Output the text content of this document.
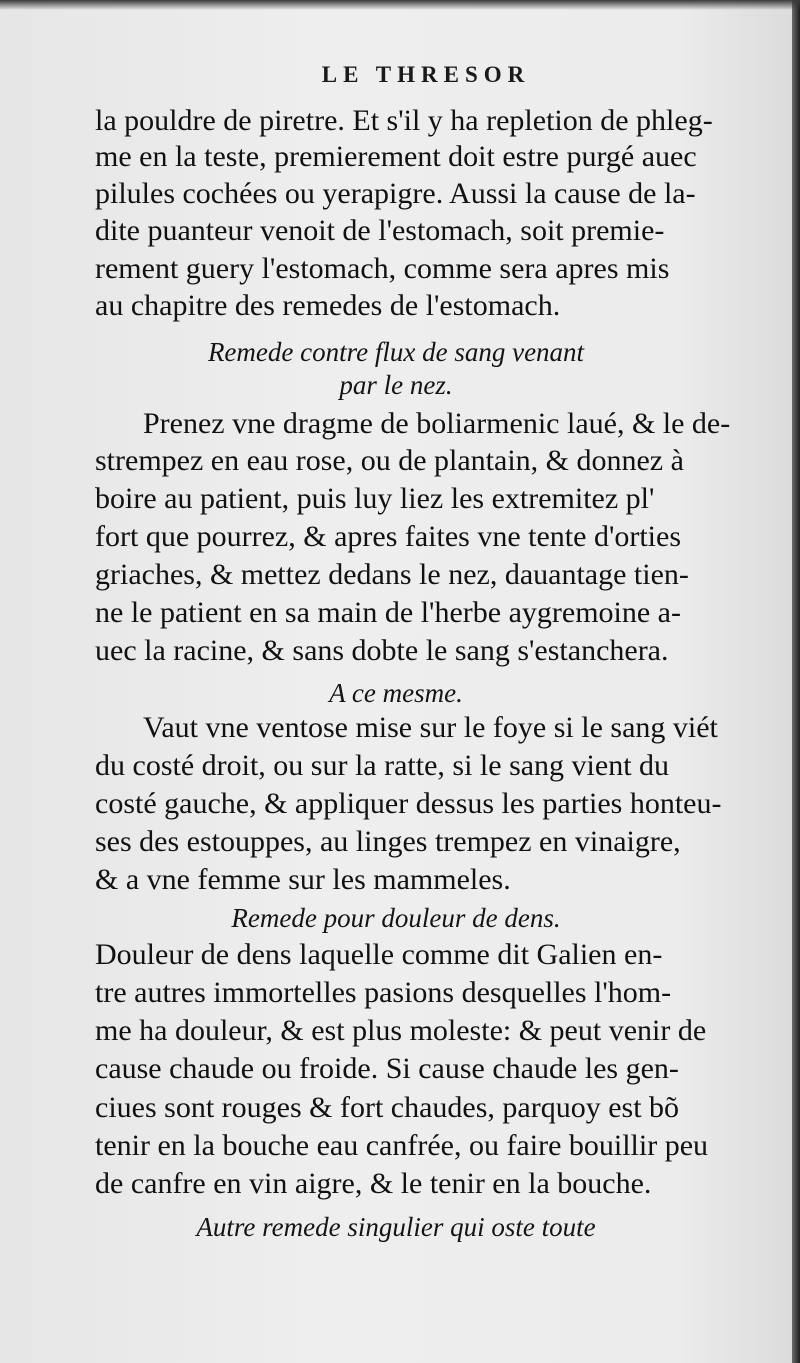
LE THRESOR
la pouldre de piretre. Et s'il y ha repletion de phleg-
me en la teste, premierement doit estre purgé auec
pilules cochées ou yerapigre. Aussi la cause de la-
dite puanteur venoit de l'estomach, soit premie-
rement guery l'estomach, comme sera apres mis
au chapitre des remedes de l'estomach.
Remede contre flux de sang venant
par le nez.
Prenez vne dragme de boliarmenic laué, & le de-
strempez en eau rose, ou de plantain, & donnez à
boire au patient, puis luy liez les extremitez pl'
fort que pourrez, & apres faites vne tente d'orties
griaches, & mettez dedans le nez, dauantage tien-
ne le patient en sa main de l'herbe aygremoine a-
uec la racine, & sans dobte le sang s'estanchera.
A ce mesme.
Vaut vne ventose mise sur le foye si le sang viét
du costé droit, ou sur la ratte, si le sang vient du
costé gauche, & appliquer dessus les parties honteu-
ses des estouppes, au linges trempez en vinaigre,
& a vne femme sur les mammeles.
Remede pour douleur de dens.
Douleur de dens laquelle comme dit Galien en-
tre autres immortelles pasions desquelles l'hom-
me ha douleur, & est plus moleste: & peut venir de
cause chaude ou froide. Si cause chaude les gen-
ciues sont rouges & fort chaudes, parquoy est bõ
tenir en la bouche eau canfrée, ou faire bouillir peu
de canfre en vin aigre, & le tenir en la bouche.
Autre remede singulier qui oste toute
